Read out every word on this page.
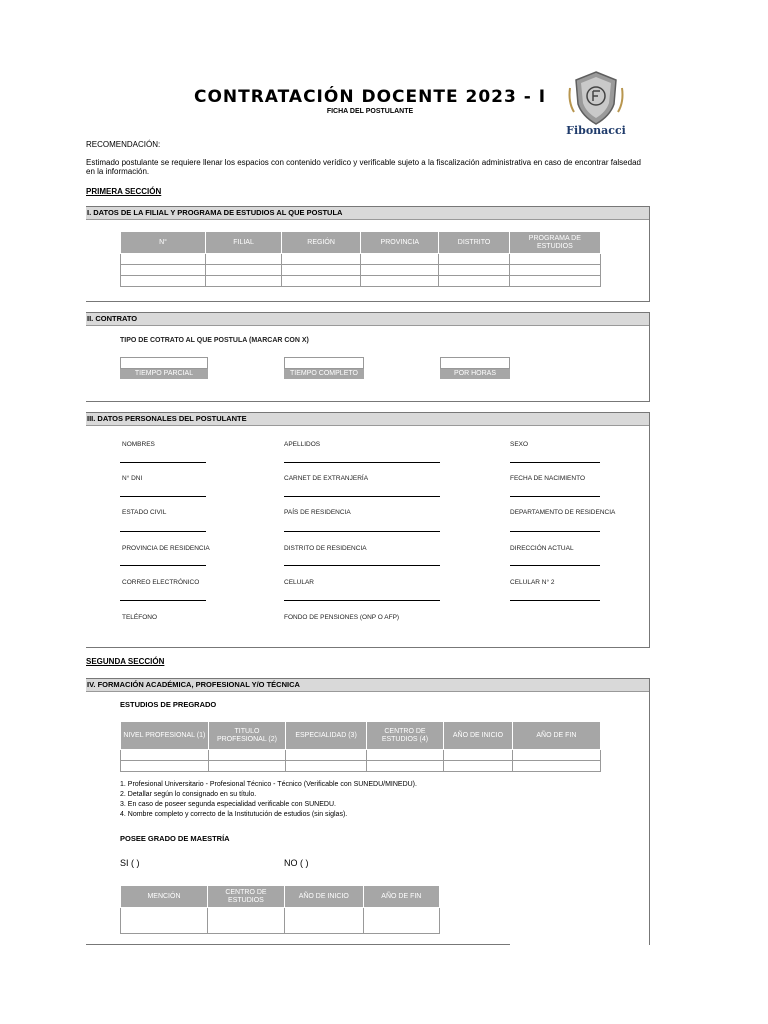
CONTRATACIÓN DOCENTE 2023 - I
FICHA DEL POSTULANTE
Fibonacci
RECOMENDACIÓN:
Estimado postulante se requiere llenar los espacios con contenido verídico y verificable sujeto a la fiscalización administrativa en caso de encontrar falsedad en la información.
PRIMERA SECCIÓN
I. DATOS DE LA FILIAL Y PROGRAMA DE ESTUDIOS AL QUE POSTULA
N°	FILIAL	REGIÓN	PROVINCIA	DISTRITO	PROGRAMA DE ESTUDIOS

II. CONTRATO
TIPO DE COTRATO AL QUE POSTULA (MARCAR CON X)
TIEMPO PARCIAL	TIEMPO COMPLETO	POR HORAS
III. DATOS PERSONALES DEL POSTULANTE
NOMBRES	APELLIDOS	SEXO
N° DNI	CARNET DE EXTRANJERÍA	FECHA DE NACIMIENTO
ESTADO CIVIL	PAÍS DE RESIDENCIA	DEPARTAMENTO DE RESIDENCIA
PROVINCIA DE RESIDENCIA	DISTRITO DE RESIDENCIA	DIRECCIÓN ACTUAL
CORREO ELECTRÓNICO	CELULAR	CELULAR N° 2
TELÉFONO	FONDO DE PENSIONES (ONP O AFP)
SEGUNDA SECCIÓN
IV. FORMACIÓN ACADÉMICA, PROFESIONAL Y/O TÉCNICA
ESTUDIOS DE PREGRADO
NIVEL PROFESIONAL (1)	TITULO PROFESIONAL (2)	ESPECIALIDAD (3)	CENTRO DE ESTUDIOS (4)	AÑO DE INICIO	AÑO DE FIN

1. Profesional Universitario - Profesional Técnico - Técnico (Verificable con SUNEDU/MINEDU).
2. Detallar según lo consignado en su título.
3. En caso de poseer segunda especialidad verificable con SUNEDU.
4. Nombre completo y correcto de la Institutución de estudios (sin siglas).
POSEE GRADO DE MAESTRÍA
SI ( )	NO ( )
MENCIÓN	CENTRO DE ESTUDIOS	AÑO DE INICIO	AÑO DE FIN
